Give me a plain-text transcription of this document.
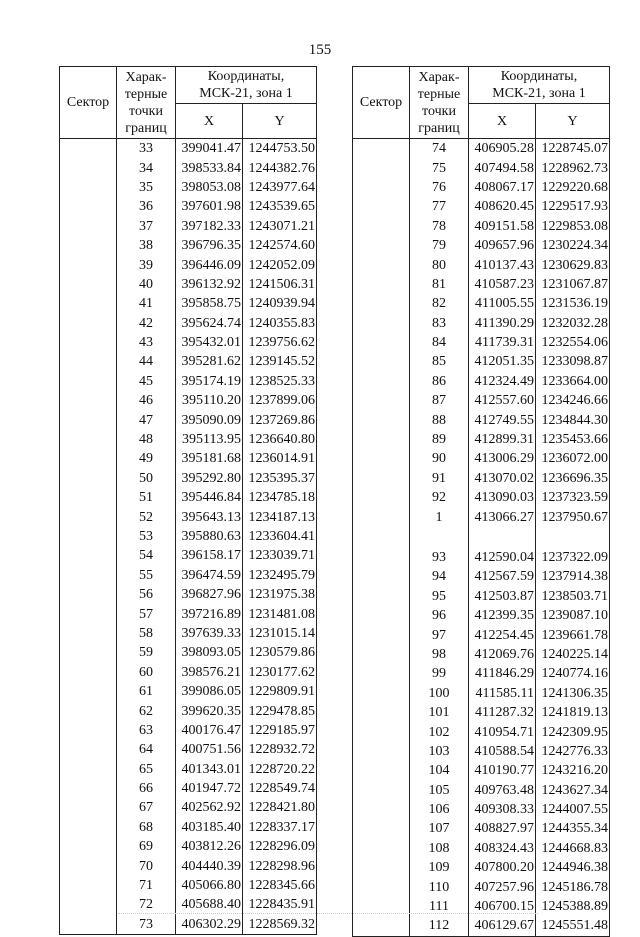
155
Сектор	Харак-
терные
точки
границ	Координаты,
МСК-21, зона 1	
		X	Y

	33	399041.47	1244753.50
	34	398533.84	1244382.76
	35	398053.08	1243977.64
	36	397601.98	1243539.65
	37	397182.33	1243071.21
	38	396796.35	1242574.60
	39	396446.09	1242052.09
	40	396132.92	1241506.31
	41	395858.75	1240939.94
	42	395624.74	1240355.83
	43	395432.01	1239756.62
	44	395281.62	1239145.52
	45	395174.19	1238525.33
	46	395110.20	1237899.06
	47	395090.09	1237269.86
	48	395113.95	1236640.80
	49	395181.68	1236014.91
	50	395292.80	1235395.37
	51	395446.84	1234785.18
	52	395643.13	1234187.13
	53	395880.63	1233604.41
	54	396158.17	1233039.71
	55	396474.59	1232495.79
	56	396827.96	1231975.38
	57	397216.89	1231481.08
	58	397639.33	1231015.14
	59	398093.05	1230579.86
	60	398576.21	1230177.62
	61	399086.05	1229809.91
	62	399620.35	1229478.85
	63	400176.47	1229185.97
	64	400751.56	1228932.72
	65	401343.01	1228720.22
	66	401947.72	1228549.74
	67	402562.92	1228421.80
	68	403185.40	1228337.17
	69	403812.26	1228296.09
	70	404440.39	1228298.96
	71	405066.80	1228345.66
	72	405688.40	1228435.91
	73	406302.29	1228569.32
Сектор	Харак-
терные
точки
границ	Координаты,
МСК-21, зона 1	
		X	Y

	74	406905.28	1228745.07
	75	407494.58	1228962.73
	76	408067.17	1229220.68
	77	408620.45	1229517.93
	78	409151.58	1229853.08
	79	409657.96	1230224.34
	80	410137.43	1230629.83
	81	410587.23	1231067.87
	82	411005.55	1231536.19
	83	411390.29	1232032.28
	84	411739.31	1232554.06
	85	412051.35	1233098.87
	86	412324.49	1233664.00
	87	412557.60	1234246.66
	88	412749.55	1234844.30
	89	412899.31	1235453.66
	90	413006.29	1236072.00
	91	413070.02	1236696.35
	92	413090.03	1237323.59
	1	413066.27	1237950.67

	93	412590.04	1237322.09
	94	412567.59	1237914.38
	95	412503.87	1238503.71
	96	412399.35	1239087.10
	97	412254.45	1239661.78
	98	412069.76	1240225.14
	99	411846.29	1240774.16
	100	411585.11	1241306.35
	101	411287.32	1241819.13
	102	410954.71	1242309.95
	103	410588.54	1242776.33
	104	410190.77	1243216.20
	105	409763.48	1243627.34
	106	409308.33	1244007.55
	107	408827.97	1244355.34
	108	408324.43	1244668.83
	109	407800.20	1244946.38
	110	407257.96	1245186.78
	111	406700.15	1245388.89
	112	406129.67	1245551.48
